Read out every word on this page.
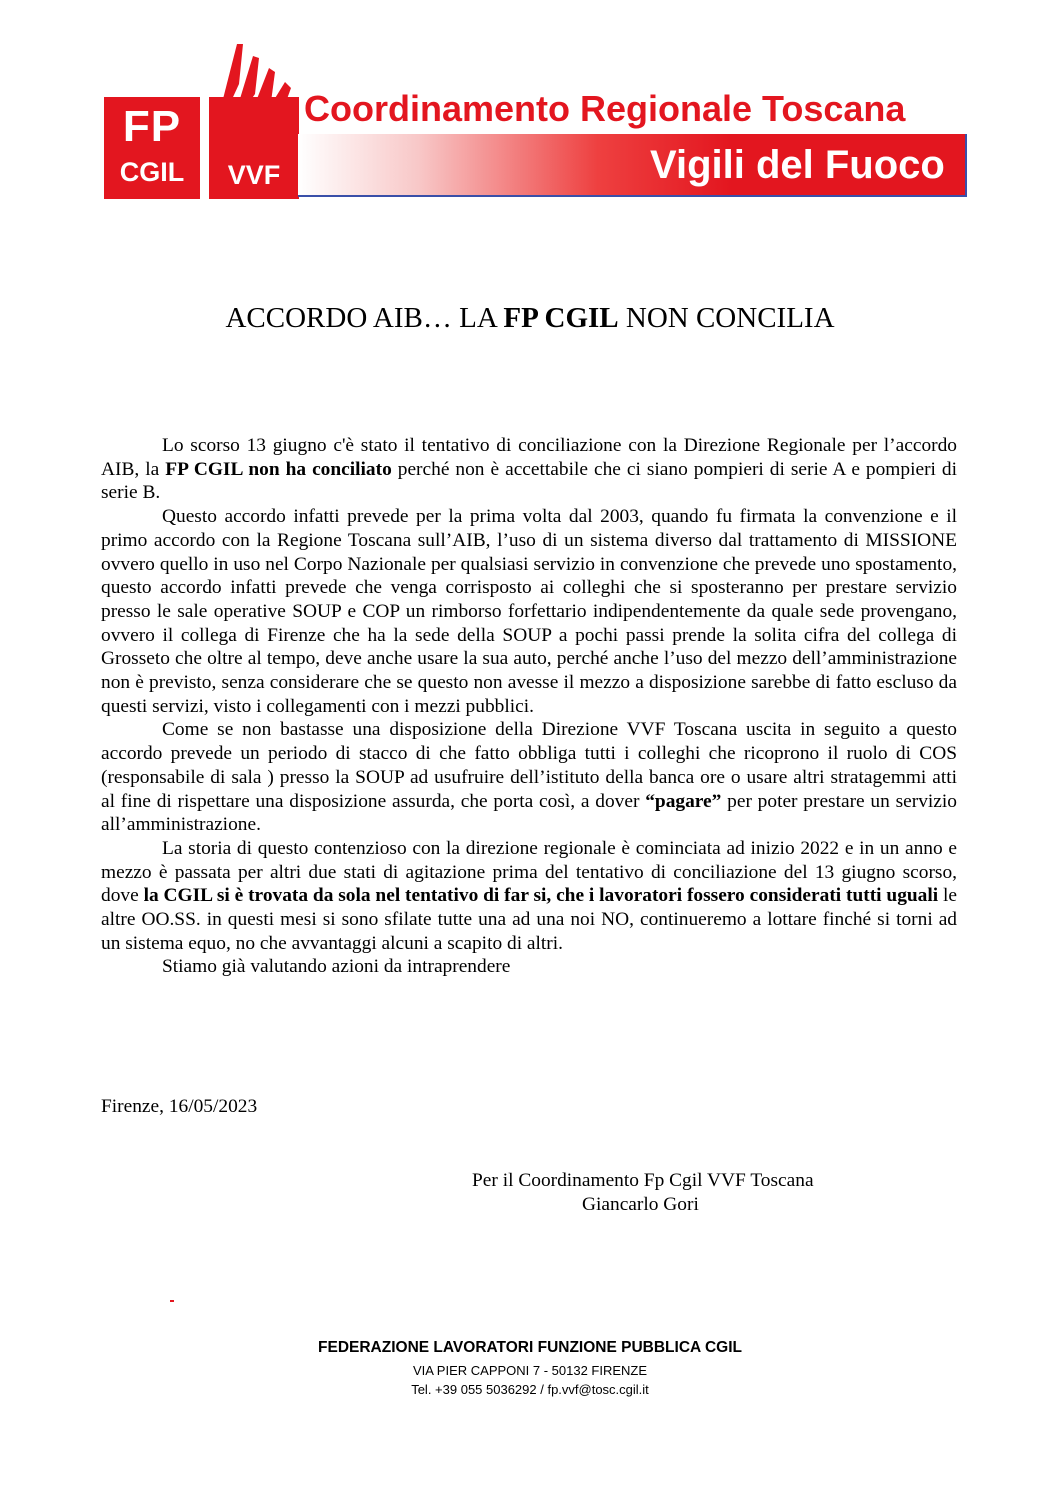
FP
CGIL	VVF
Coordinamento Regionale Toscana
Vigili del Fuoco
ACCORDO AIB… LA FP CGIL NON CONCILIA

Lo scorso 13 giugno c'è stato il tentativo di conciliazione con la Direzione Regionale per l’accordo AIB, la FP CGIL non ha conciliato perché non è accettabile che ci siano pompieri di serie A e pompieri di serie B.

Questo accordo infatti prevede per la prima volta dal 2003, quando fu firmata la convenzione e il primo accordo con la Regione Toscana sull’AIB, l’uso di un sistema diverso dal trattamento di MISSIONE ovvero quello in uso nel Corpo Nazionale per qualsiasi servizio in convenzione che prevede uno spostamento, questo accordo infatti prevede che venga corrisposto ai colleghi che si sposteranno per prestare servizio presso le sale operative SOUP e COP un rimborso forfettario indipendentemente da quale sede provengano, ovvero il collega di Firenze che ha la sede della SOUP a pochi passi prende la solita cifra del collega di Grosseto che oltre al tempo, deve anche usare la sua auto, perché anche l’uso del mezzo dell’amministrazione non è previsto, senza considerare che se questo non avesse il mezzo a disposizione sarebbe di fatto escluso da questi servizi, visto i collegamenti con i mezzi pubblici.

Come se non bastasse una disposizione della Direzione VVF Toscana uscita in seguito a questo accordo prevede un periodo di stacco di che fatto obbliga tutti i colleghi che ricoprono il ruolo di COS (responsabile di sala ) presso la SOUP ad usufruire dell’istituto della banca ore o usare altri stratagemmi atti al fine di rispettare una disposizione assurda, che porta così, a dover “pagare” per poter prestare un servizio all’amministrazione.

La storia di questo contenzioso con la direzione regionale è cominciata ad inizio 2022 e in un anno e mezzo è passata per altri due stati di agitazione prima del tentativo di conciliazione del 13 giugno scorso, dove la CGIL si è trovata da sola nel tentativo di far si, che i lavoratori fossero considerati tutti uguali le altre OO.SS. in questi mesi si sono sfilate tutte una ad una noi NO, continueremo a lottare finché si torni ad un sistema equo, no che avvantaggi alcuni a scapito di altri.

Stiamo già valutando azioni da intraprendere

Firenze, 16/05/2023
Per il Coordinamento Fp Cgil VVF Toscana
Giancarlo Gori
FEDERAZIONE LAVORATORI FUNZIONE PUBBLICA CGIL
VIA PIER CAPPONI 7 - 50132 FIRENZE
Tel. +39 055 5036292 / fp.vvf@tosc.cgil.it
